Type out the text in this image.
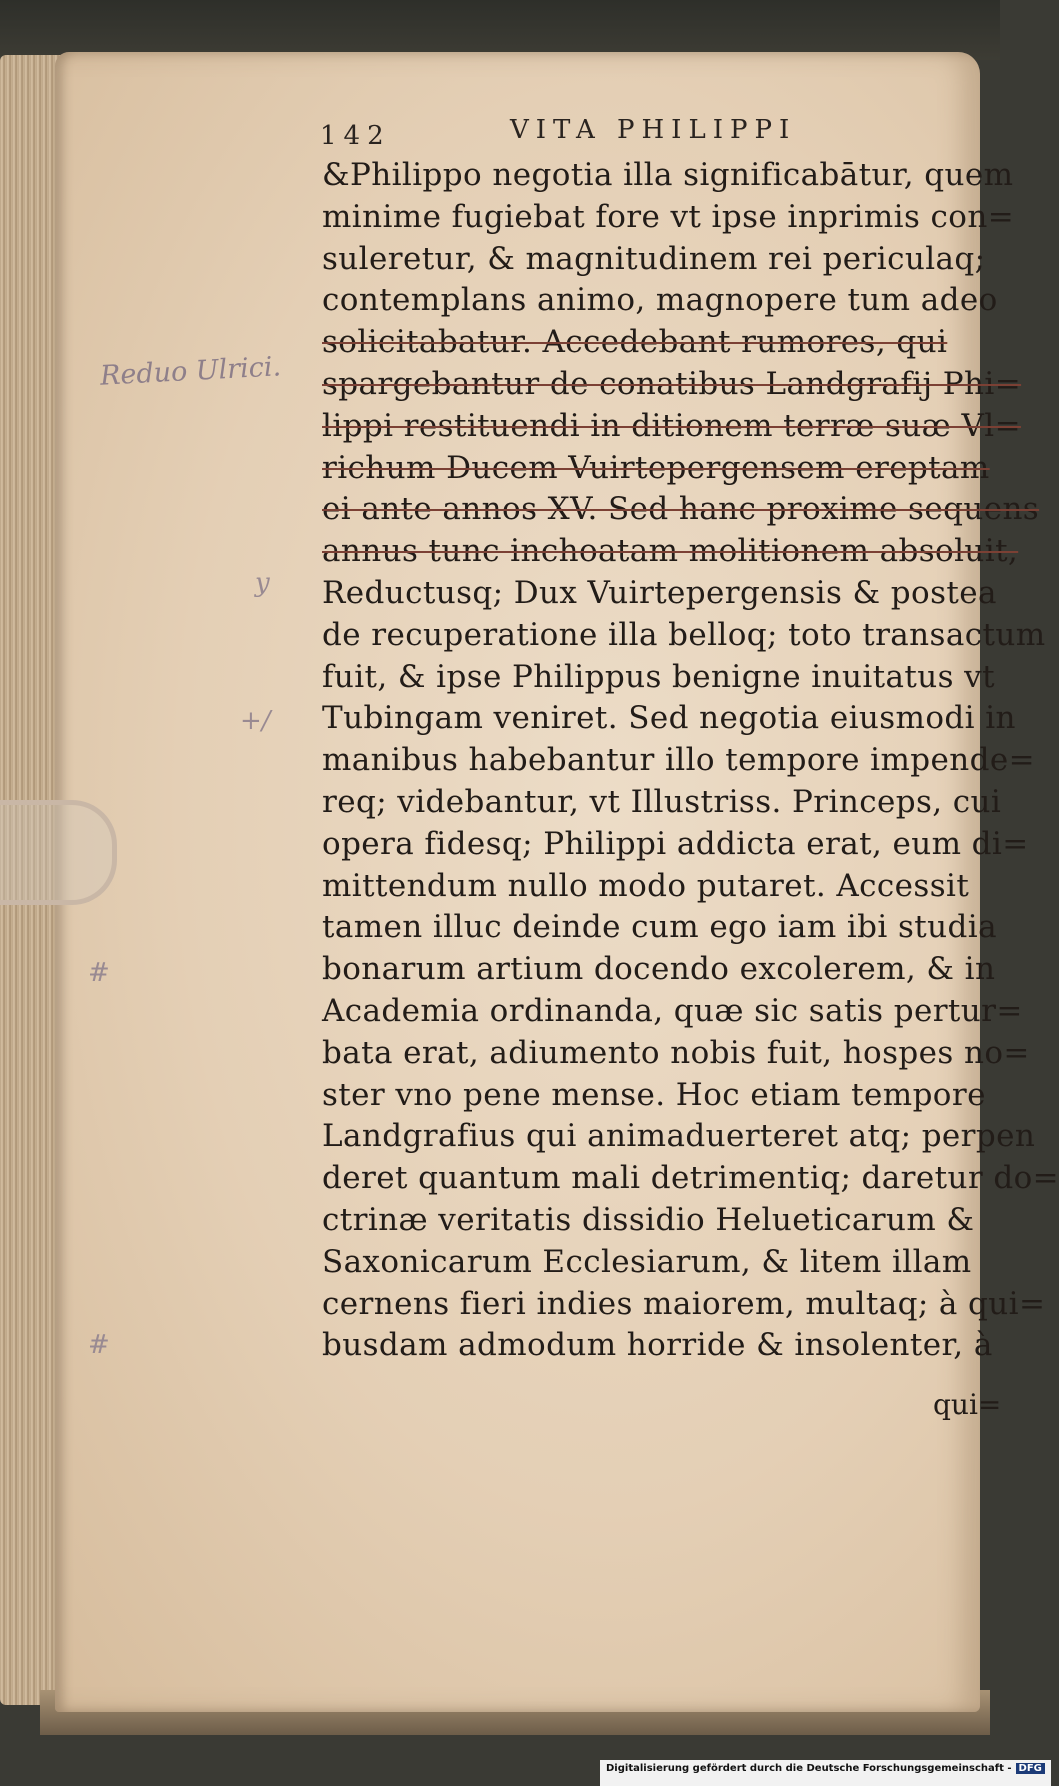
142	VITA PHILIPPI
Reduo Ulrici.
y
+/
#
#
&Philippo negotia illa significabātur, quem
minime fugiebat fore vt ipse inprimis con=
suleretur, & magnitudinem rei periculaq;
contemplans animo, magnopere tum adeo
solicitabatur. Accedebant rumores, qui
spargebantur de conatibus Landgrafij Phi=
lippi restituendi in ditionem terræ suæ Vl=
richum Ducem Vuirtepergensem ereptam
ei ante annos XV. Sed hanc proxime sequens
annus tunc inchoatam molitionem absoluit,
Reductusq; Dux Vuirtepergensis & postea
de recuperatione illa belloq; toto transactum
fuit, & ipse Philippus benigne inuitatus vt
Tubingam veniret. Sed negotia eiusmodi in
manibus habebantur illo tempore impende=
req; videbantur, vt Illustriss. Princeps, cui
opera fidesq; Philippi addicta erat, eum di=
mittendum nullo modo putaret. Accessit
tamen illuc deinde cum ego iam ibi studia
bonarum artium docendo excolerem, & in
Academia ordinanda, quæ sic satis pertur=
bata erat, adiumento nobis fuit, hospes no=
ster vno pene mense. Hoc etiam tempore
Landgrafius qui animaduerteret atq; perpen
deret quantum mali detrimentiq; daretur do=
ctrinæ veritatis dissidio Helueticarum &
Saxonicarum Ecclesiarum, & litem illam
cernens fieri indies maiorem, multaq; à qui=
busdam admodum horride & insolenter, à
qui=
Digitalisierung gefördert durch die Deutsche Forschungsgemeinschaft - DFG
